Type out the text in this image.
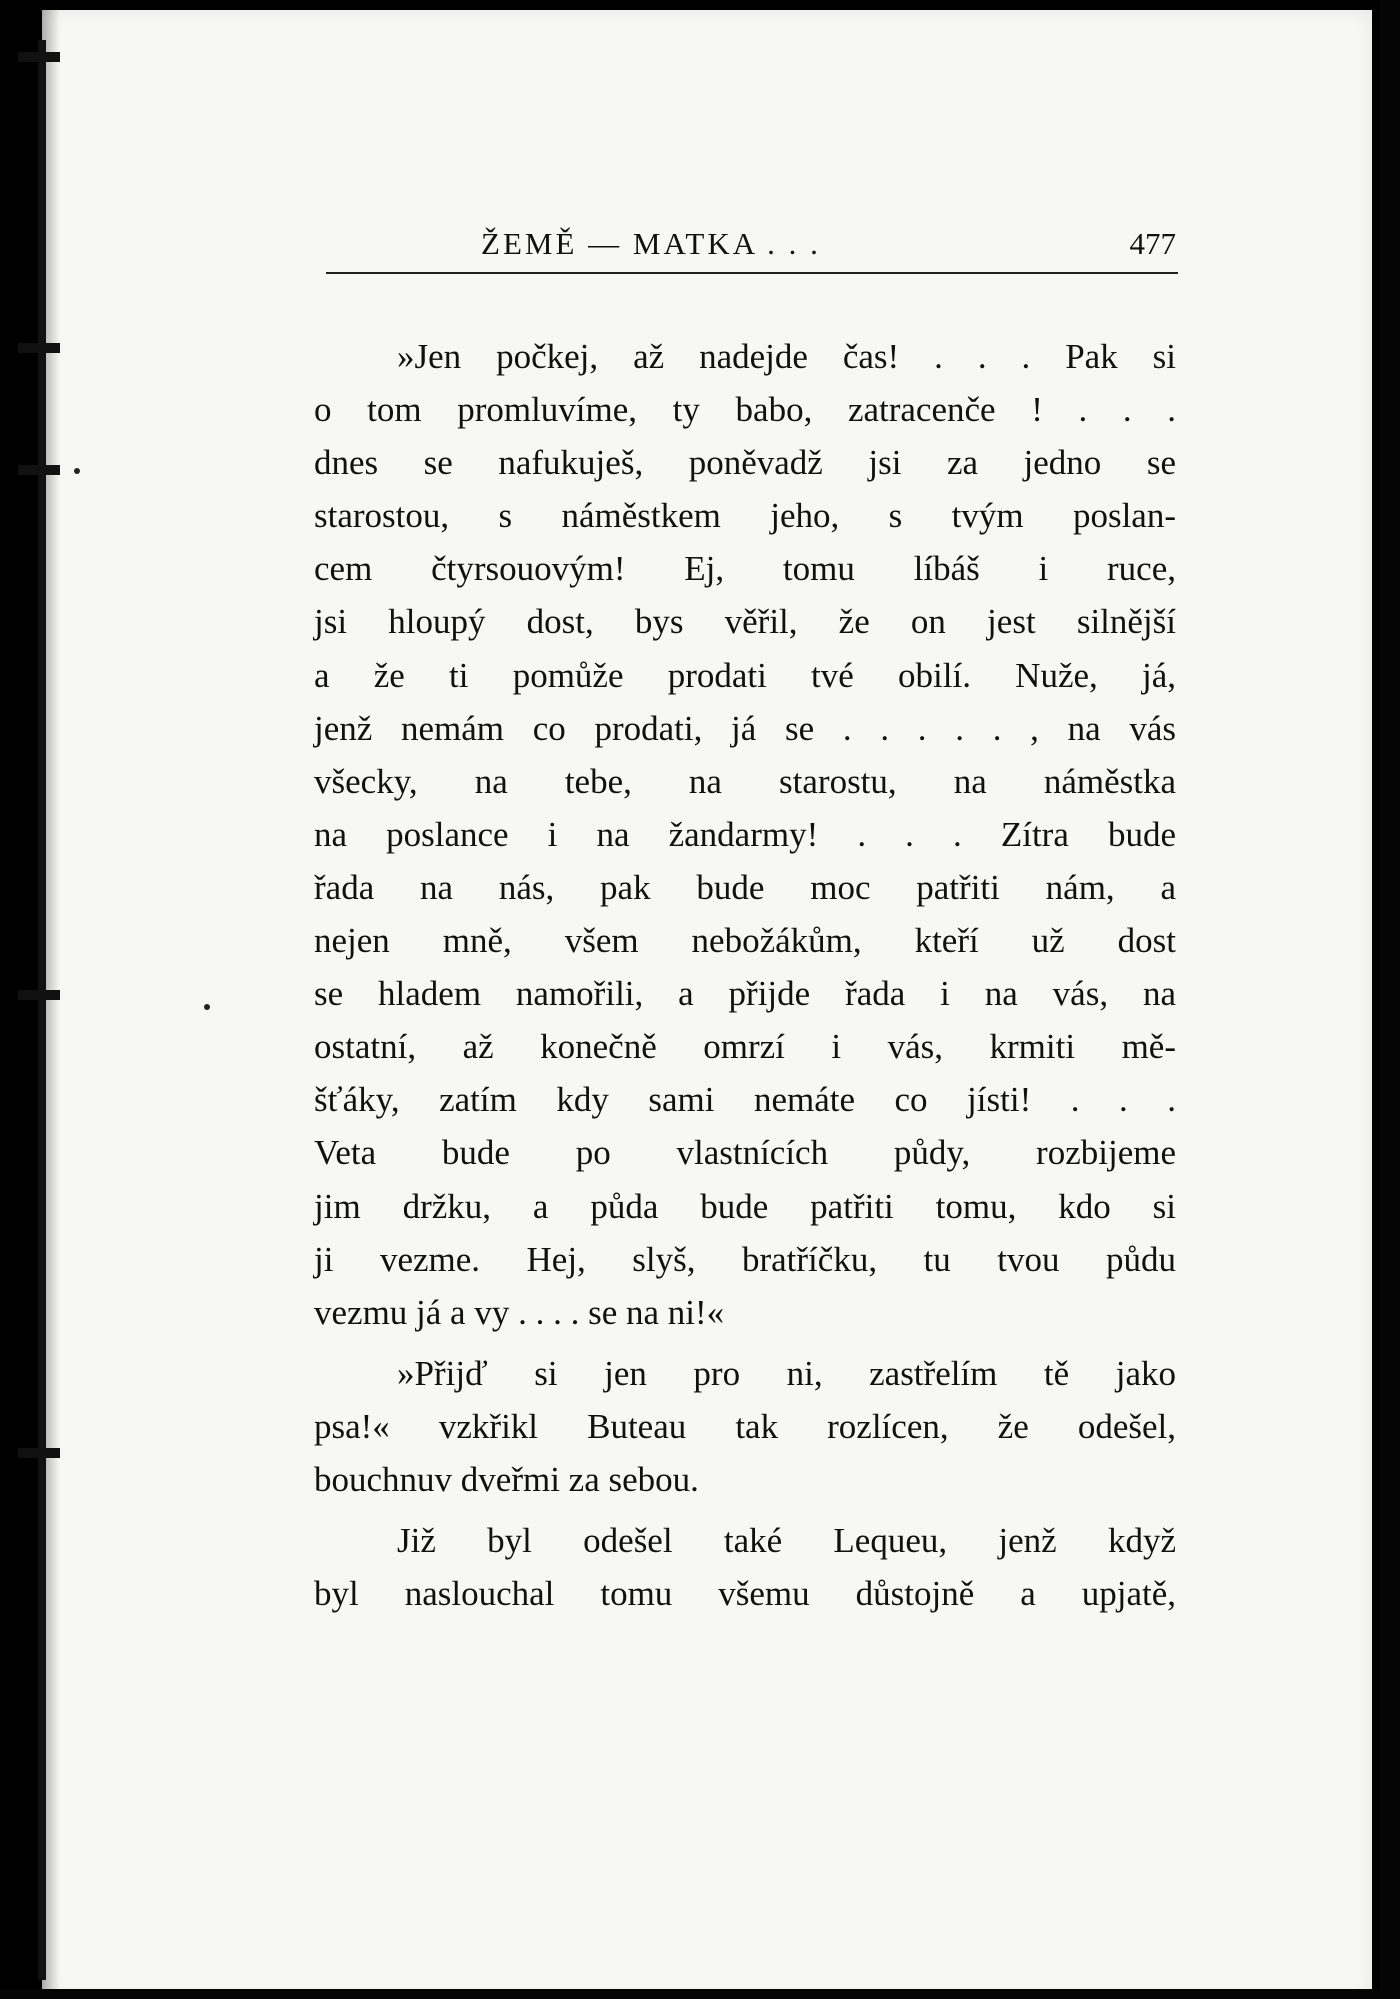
ŽEMĚ — MATKA . . .	477

»Jen počkej, až nadejde čas! . . . Pak si
o tom promluvíme, ty babo, zatracenče ! . . .
dnes se nafukuješ, poněvadž jsi za jedno se
starostou, s náměstkem jeho, s tvým poslan-
cem čtyrsouovým! Ej, tomu líbáš i ruce,
jsi hloupý dost, bys věřil, že on jest silnější
a že ti pomůže prodati tvé obilí. Nuže, já,
jenž nemám co prodati, já se . . . . . , na vás
všecky, na tebe, na starostu, na náměstka
na poslance i na žandarmy! . . . Zítra bude
řada na nás, pak bude moc patřiti nám, a
nejen mně, všem nebožákům, kteří už dost
se hladem namořili, a přijde řada i na vás, na
ostatní, až konečně omrzí i vás, krmiti mě-
šťáky, zatím kdy sami nemáte co jísti! . . .
Veta bude po vlastnících půdy, rozbijeme
jim držku, a půda bude patřiti tomu, kdo si
ji vezme. Hej, slyš, bratříčku, tu tvou půdu
vezmu já a vy . . . . se na ni!«

»Přijď si jen pro ni, zastřelím tě jako
psa!« vzkřikl Buteau tak rozlícen, že odešel,
bouchnuv dveřmi za sebou.

Již byl odešel také Lequeu, jenž když
byl naslouchal tomu všemu důstojně a upjatě,
